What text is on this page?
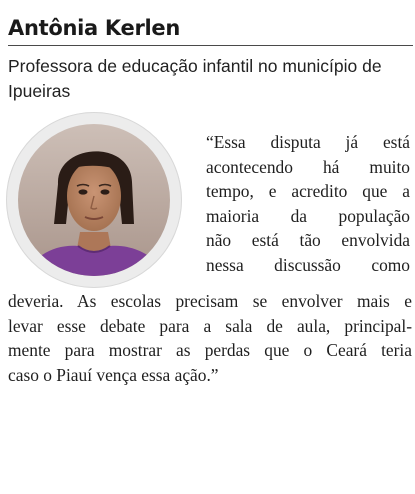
Antônia Kerlen

Professora de educação infantil no município de Ipueiras

“Essa disputa já está
acontecendo há muito
tempo, e acredito que a
maioria da população
não está tão envolvida
nessa discussão como
deveria. As escolas precisam se envolver mais e
levar esse debate para a sala de aula, principal-
mente para mostrar as perdas que o Ceará teria
caso o Piauí vença essa ação.”
